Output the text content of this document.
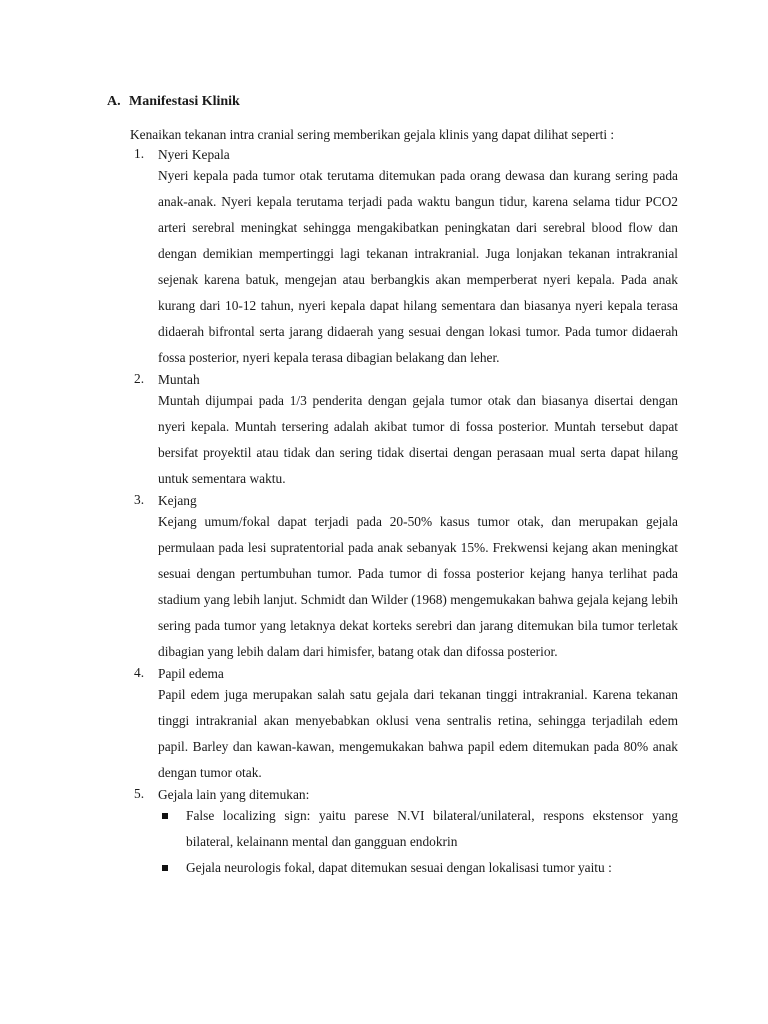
A. Manifestasi Klinik
Kenaikan tekanan intra cranial sering memberikan gejala klinis yang dapat dilihat seperti :
1. Nyeri Kepala
Nyeri kepala pada tumor otak terutama ditemukan pada orang dewasa dan kurang sering pada anak-anak. Nyeri kepala terutama terjadi pada waktu bangun tidur, karena selama tidur PCO2 arteri serebral meningkat sehingga mengakibatkan peningkatan dari serebral blood flow dan dengan demikian mempertinggi lagi tekanan intrakranial. Juga lonjakan tekanan intrakranial sejenak karena batuk, mengejan atau berbangkis akan memperberat nyeri kepala. Pada anak kurang dari 10-12 tahun, nyeri kepala dapat hilang sementara dan biasanya nyeri kepala terasa didaerah bifrontal serta jarang didaerah yang sesuai dengan lokasi tumor. Pada tumor didaerah fossa posterior, nyeri kepala terasa dibagian belakang dan leher.
2. Muntah
Muntah dijumpai pada 1/3 penderita dengan gejala tumor otak dan biasanya disertai dengan nyeri kepala. Muntah tersering adalah akibat tumor di fossa posterior. Muntah tersebut dapat bersifat proyektil atau tidak dan sering tidak disertai dengan perasaan mual serta dapat hilang untuk sementara waktu.
3. Kejang
Kejang umum/fokal dapat terjadi pada 20-50% kasus tumor otak, dan merupakan gejala permulaan pada lesi supratentorial pada anak sebanyak 15%. Frekwensi kejang akan meningkat sesuai dengan pertumbuhan tumor. Pada tumor di fossa posterior kejang hanya terlihat pada stadium yang lebih lanjut. Schmidt dan Wilder (1968) mengemukakan bahwa gejala kejang lebih sering pada tumor yang letaknya dekat korteks serebri dan jarang ditemukan bila tumor terletak dibagian yang lebih dalam dari himisfer, batang otak dan difossa posterior.
4. Papil edema
Papil edem juga merupakan salah satu gejala dari tekanan tinggi intrakranial. Karena tekanan tinggi intrakranial akan menyebabkan oklusi vena sentralis retina, sehingga terjadilah edem papil. Barley dan kawan-kawan, mengemukakan bahwa papil edem ditemukan pada 80% anak dengan tumor otak.
5. Gejala lain yang ditemukan:
False localizing sign: yaitu parese N.VI bilateral/unilateral, respons ekstensor yang bilateral, kelainann mental dan gangguan endokrin
Gejala neurologis fokal, dapat ditemukan sesuai dengan lokalisasi tumor yaitu :
